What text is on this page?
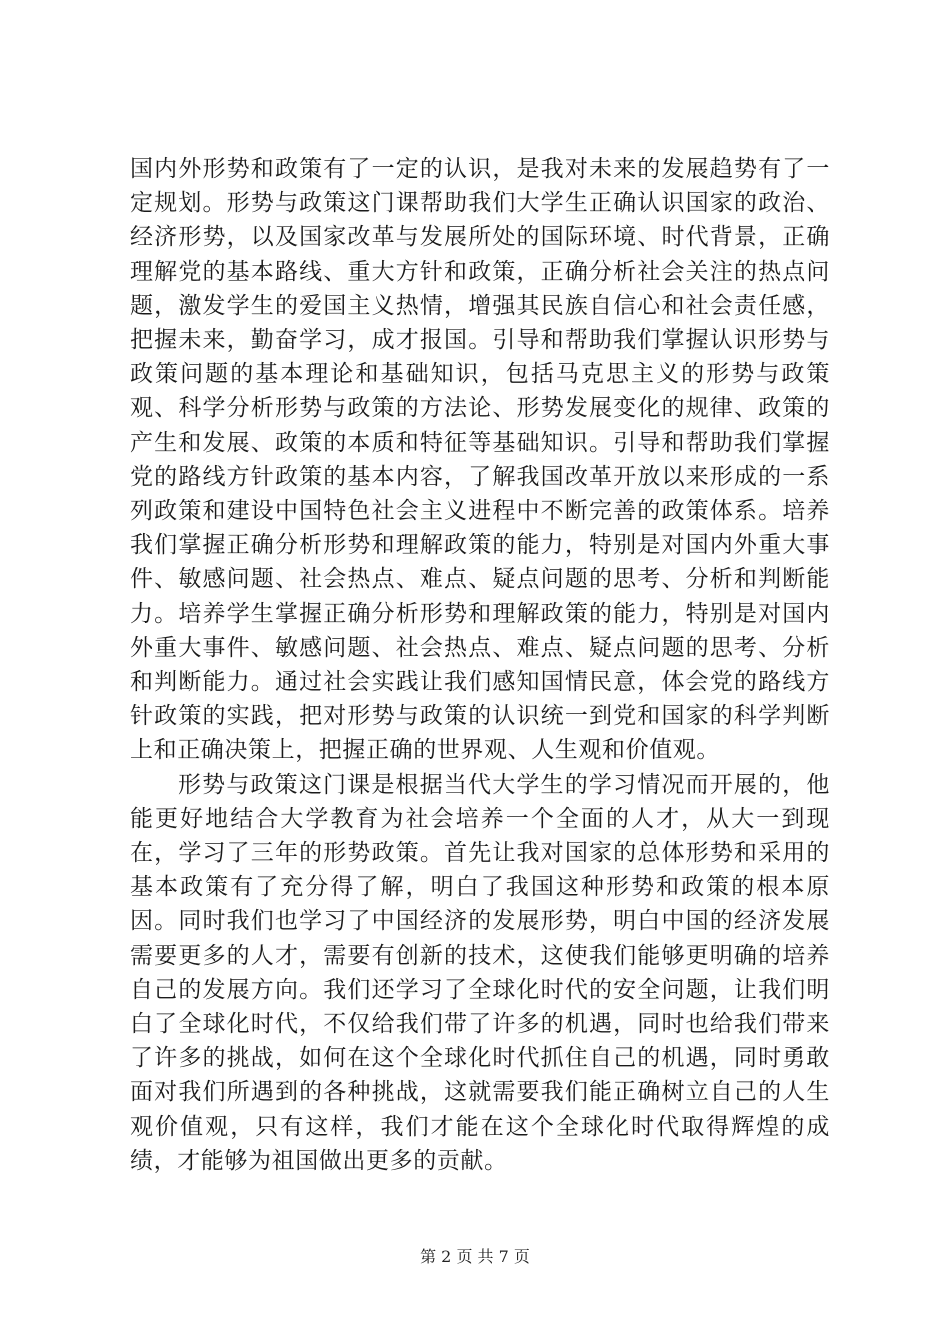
国内外形势和政策有了一定的认识，是我对未来的发展趋势有了一定规划。形势与政策这门课帮助我们大学生正确认识国家的政治、经济形势，以及国家改革与发展所处的国际环境、时代背景，正确理解党的基本路线、重大方针和政策，正确分析社会关注的热点问题，激发学生的爱国主义热情，增强其民族自信心和社会责任感，把握未来，勤奋学习，成才报国。引导和帮助我们掌握认识形势与政策问题的基本理论和基础知识，包括马克思主义的形势与政策观、科学分析形势与政策的方法论、形势发展变化的规律、政策的产生和发展、政策的本质和特征等基础知识。引导和帮助我们掌握党的路线方针政策的基本内容，了解我国改革开放以来形成的一系列政策和建设中国特色社会主义进程中不断完善的政策体系。培养我们掌握正确分析形势和理解政策的能力，特别是对国内外重大事件、敏感问题、社会热点、难点、疑点问题的思考、分析和判断能力。培养学生掌握正确分析形势和理解政策的能力，特别是对国内外重大事件、敏感问题、社会热点、难点、疑点问题的思考、分析和判断能力。通过社会实践让我们感知国情民意，体会党的路线方针政策的实践，把对形势与政策的认识统一到党和国家的科学判断上和正确决策上，把握正确的世界观、人生观和价值观。

形势与政策这门课是根据当代大学生的学习情况而开展的，他能更好地结合大学教育为社会培养一个全面的人才，从大一到现在，学习了三年的形势政策。首先让我对国家的总体形势和采用的基本政策有了充分得了解，明白了我国这种形势和政策的根本原因。同时我们也学习了中国经济的发展形势，明白中国的经济发展需要更多的人才，需要有创新的技术，这使我们能够更明确的培养自己的发展方向。我们还学习了全球化时代的安全问题，让我们明白了全球化时代，不仅给我们带了许多的机遇，同时也给我们带来了许多的挑战，如何在这个全球化时代抓住自己的机遇，同时勇敢面对我们所遇到的各种挑战，这就需要我们能正确树立自己的人生观价值观，只有这样，我们才能在这个全球化时代取得辉煌的成绩，才能够为祖国做出更多的贡献。

第 2 页 共 7 页
